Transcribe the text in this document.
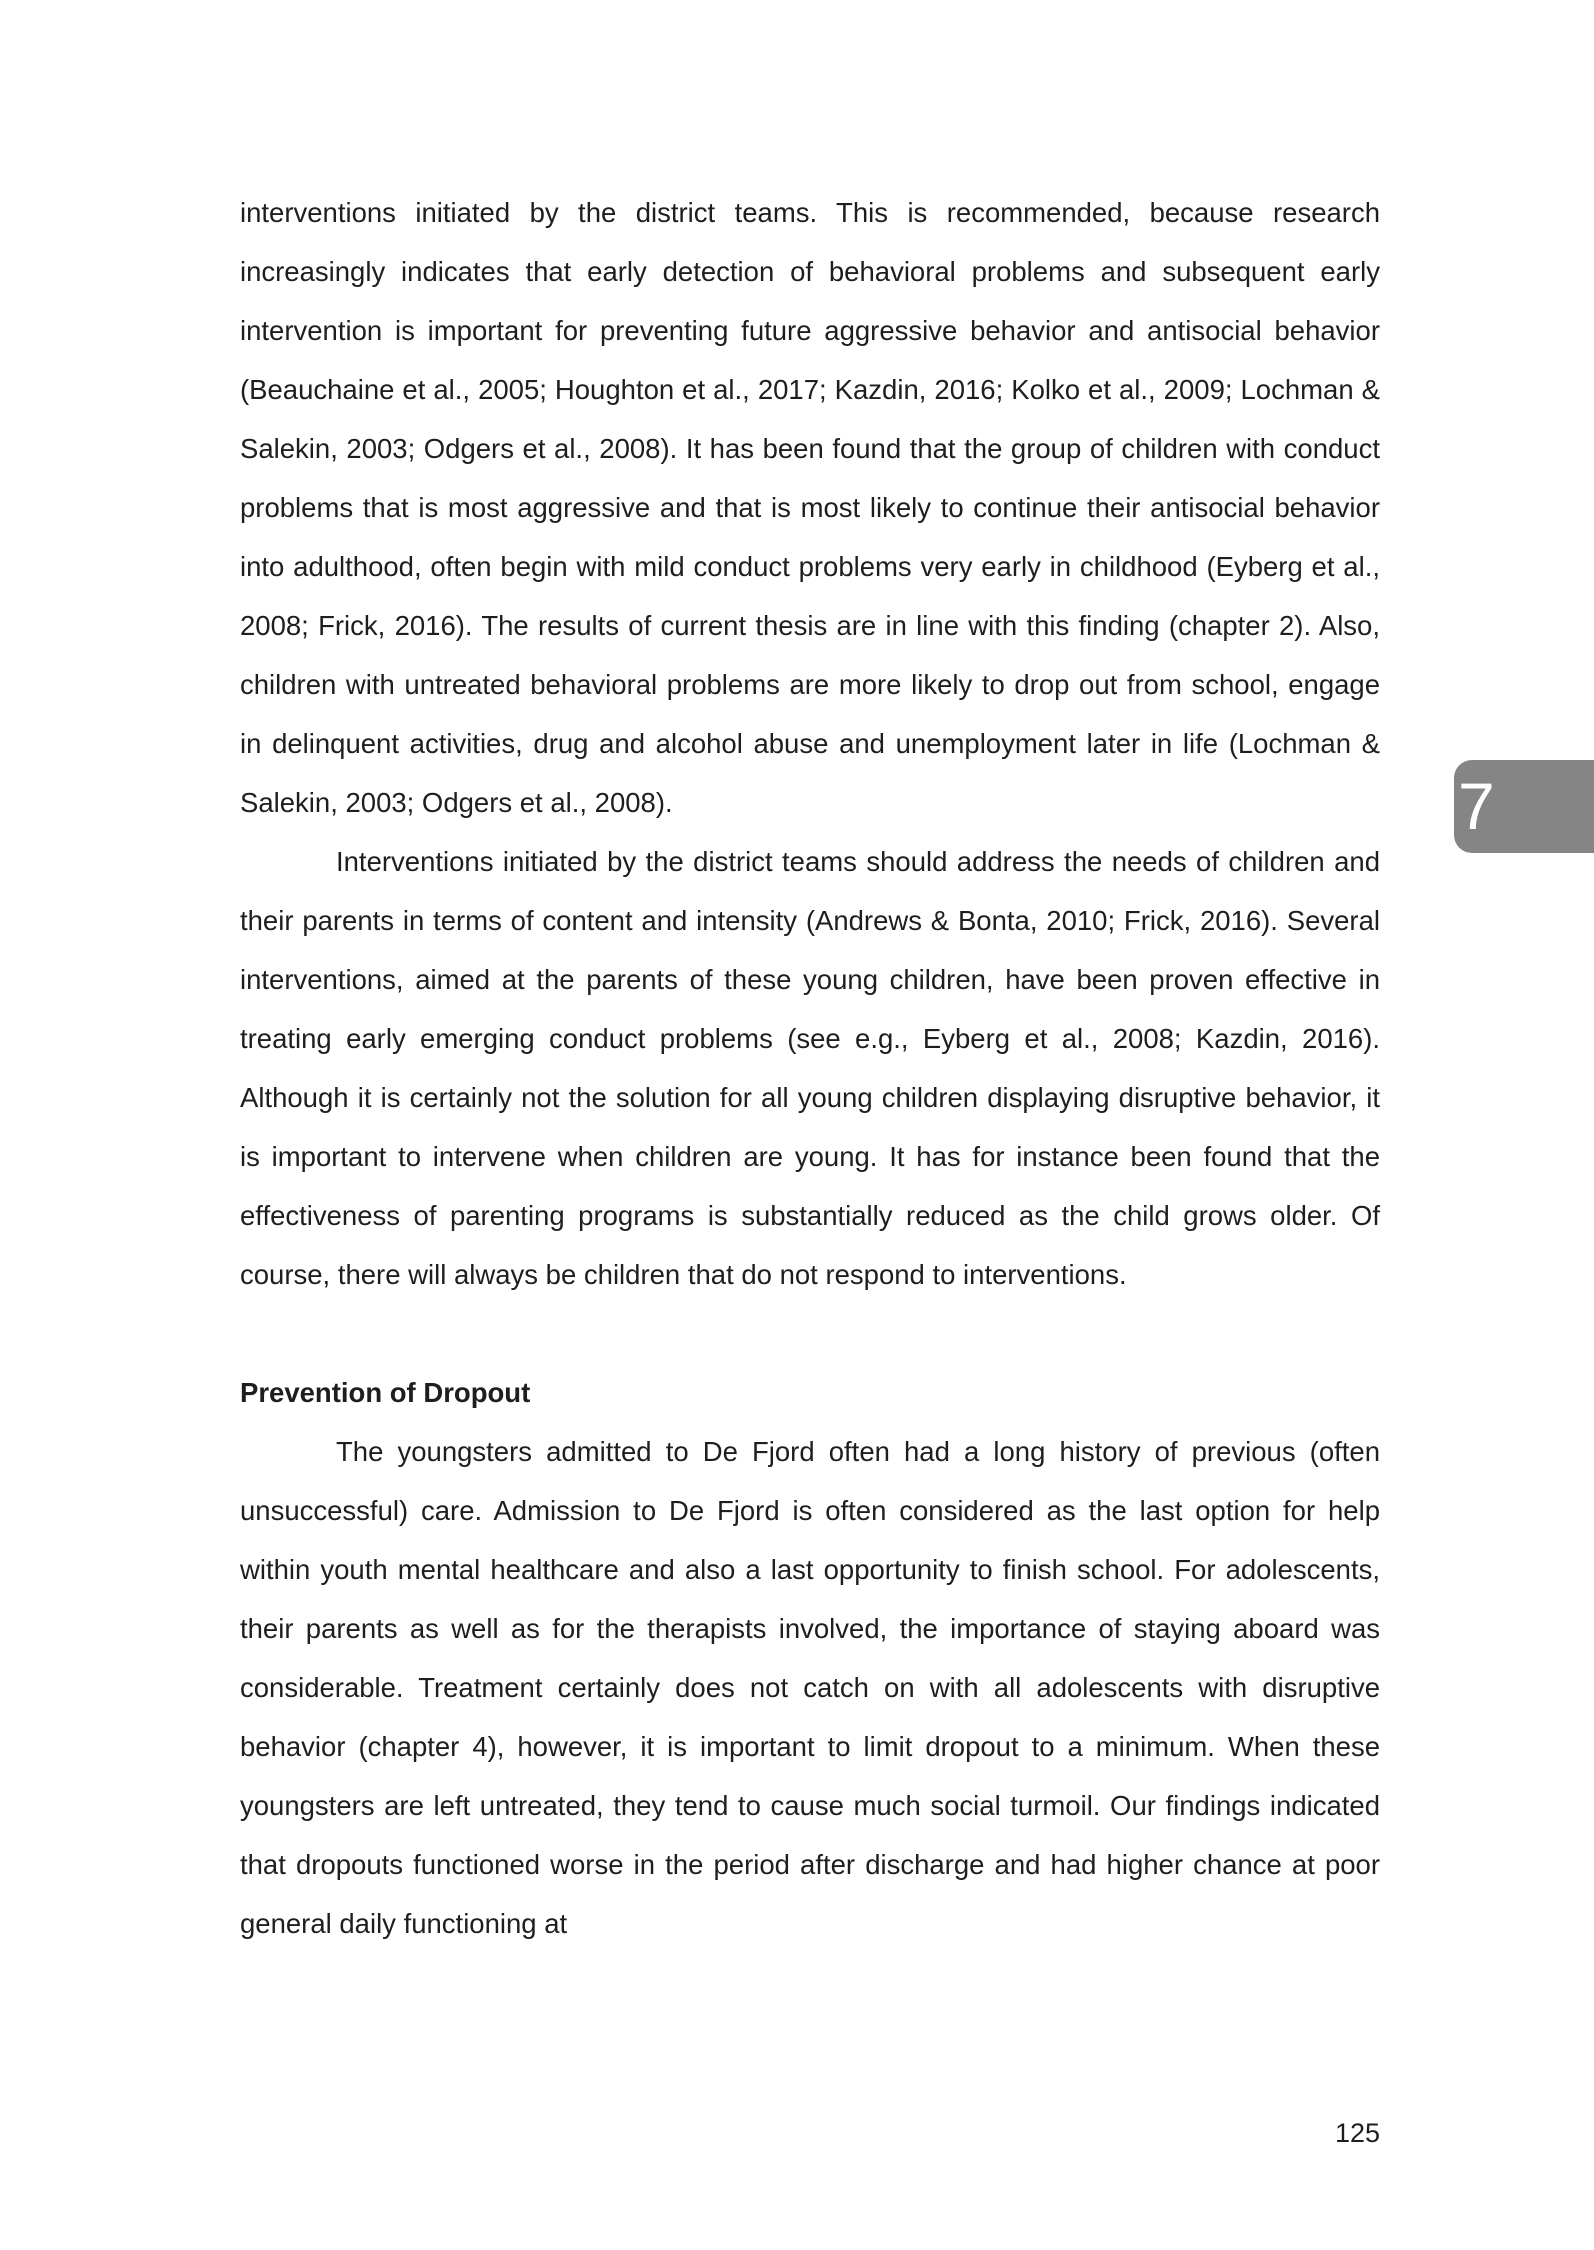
interventions initiated by the district teams. This is recommended, because research increasingly indicates that early detection of behavioral problems and subsequent early intervention is important for preventing future aggressive behavior and antisocial behavior (Beauchaine et al., 2005; Houghton et al., 2017; Kazdin, 2016; Kolko et al., 2009; Lochman & Salekin, 2003; Odgers et al., 2008). It has been found that the group of children with conduct problems that is most aggressive and that is most likely to continue their antisocial behavior into adulthood, often begin with mild conduct problems very early in childhood (Eyberg et al., 2008; Frick, 2016). The results of current thesis are in line with this finding (chapter 2). Also, children with untreated behavioral problems are more likely to drop out from school, engage in delinquent activities, drug and alcohol abuse and unemployment later in life (Lochman & Salekin, 2003; Odgers et al., 2008).

Interventions initiated by the district teams should address the needs of children and their parents in terms of content and intensity (Andrews & Bonta, 2010; Frick, 2016). Several interventions, aimed at the parents of these young children, have been proven effective in treating early emerging conduct problems (see e.g., Eyberg et al., 2008; Kazdin, 2016). Although it is certainly not the solution for all young children displaying disruptive behavior, it is important to intervene when children are young. It has for instance been found that the effectiveness of parenting programs is substantially reduced as the child grows older. Of course, there will always be children that do not respond to interventions.

Prevention of Dropout

The youngsters admitted to De Fjord often had a long history of previous (often unsuccessful) care. Admission to De Fjord is often considered as the last option for help within youth mental healthcare and also a last opportunity to finish school. For adolescents, their parents as well as for the therapists involved, the importance of staying aboard was considerable. Treatment certainly does not catch on with all adolescents with disruptive behavior (chapter 4), however, it is important to limit dropout to a minimum. When these youngsters are left untreated, they tend to cause much social turmoil. Our findings indicated that dropouts functioned worse in the period after discharge and had higher chance at poor general daily functioning at

7
125
